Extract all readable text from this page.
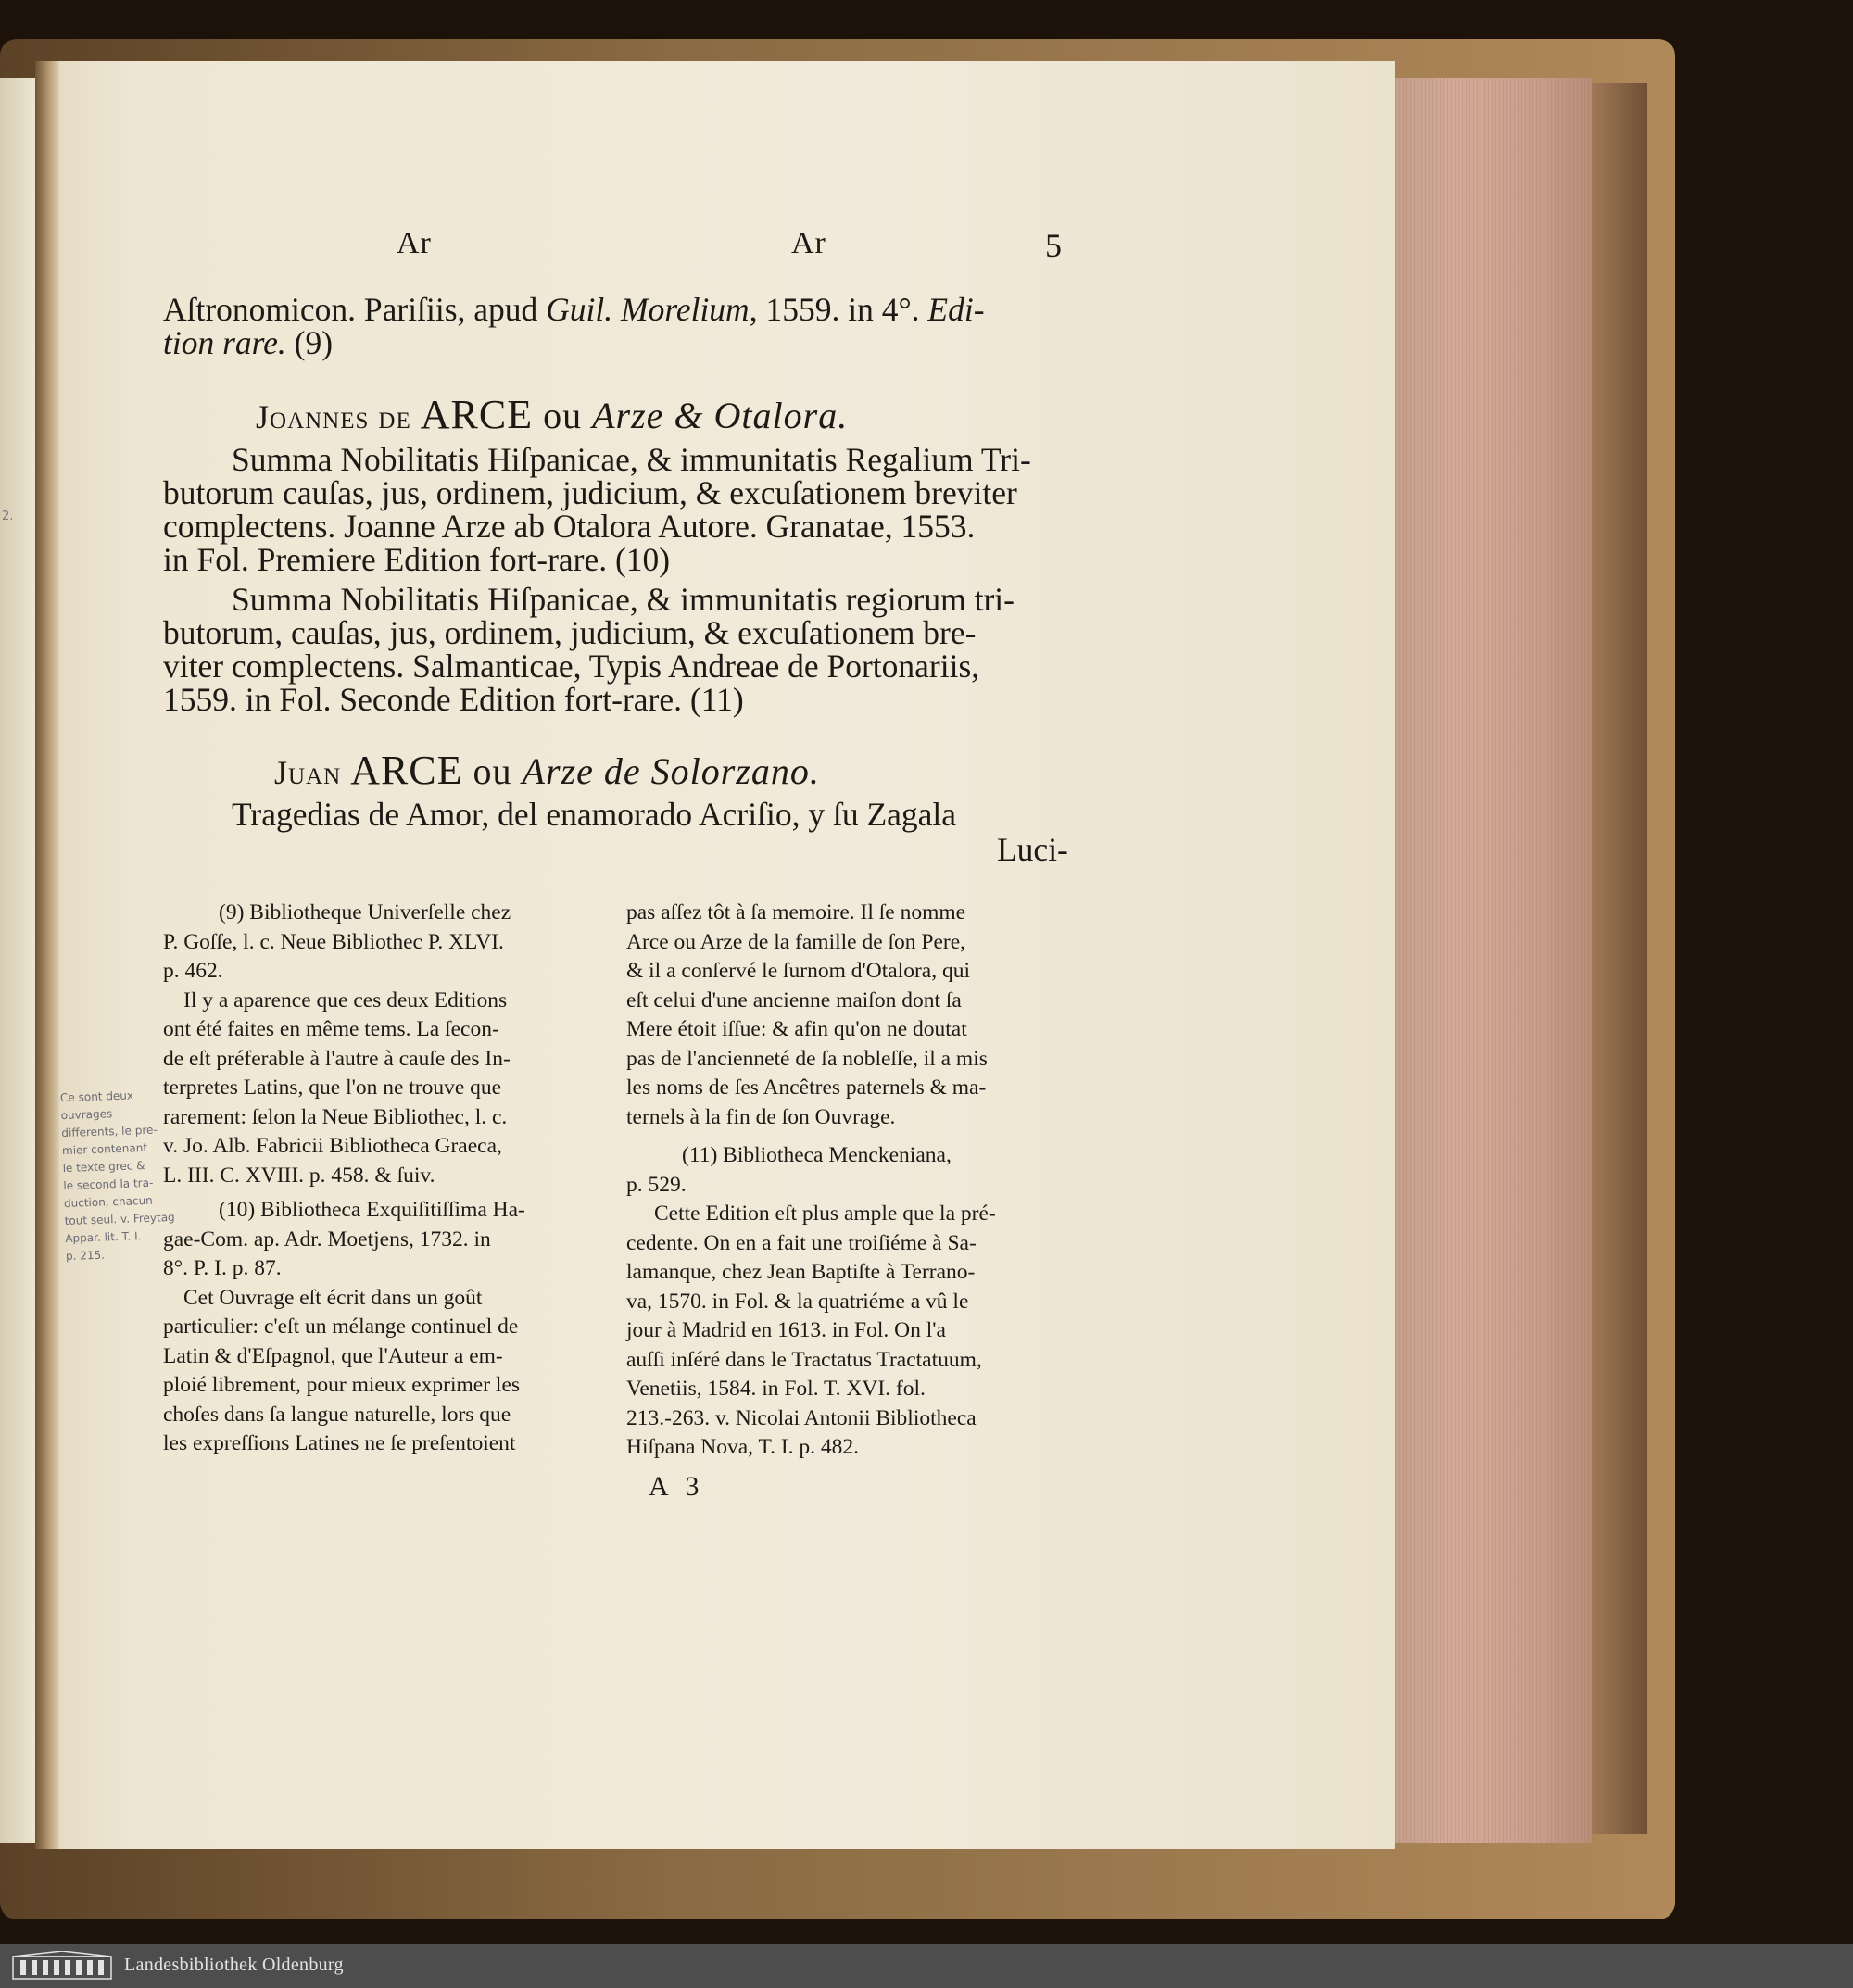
Ar	Ar	5
Aſtronomicon. Pariſiis, apud Guil. Morelium, 1559. in 4°. Edi-
tion rare. (9)
Joannes de ARCE ou Arze & Otalora.
Summa Nobilitatis Hiſpanicae, & immunitatis Regalium Tri-
butorum cauſas, jus, ordinem, judicium, & excuſationem breviter
complectens. Joanne Arze ab Otalora Autore. Granatae, 1553.
in Fol. Premiere Edition fort-rare. (10)
Summa Nobilitatis Hiſpanicae, & immunitatis regiorum tri-
butorum, cauſas, jus, ordinem, judicium, & excuſationem bre-
viter complectens. Salmanticae, Typis Andreae de Portonariis,
1559. in Fol. Seconde Edition fort-rare. (11)
Juan ARCE ou Arze de Solorzano.
Tragedias de Amor, del enamorado Acriſio, y ſu Zagala
Luci-
(9) Bibliotheque Univerſelle chez
P. Goſſe, l. c. Neue Bibliothec P. XLVI.
p. 462.
Il y a aparence que ces deux Editions
ont été faites en même tems. La ſecon-
de eſt préferable à l'autre à cauſe des In-
terpretes Latins, que l'on ne trouve que
rarement: ſelon la Neue Bibliothec, l. c.
v. Jo. Alb. Fabricii Bibliotheca Graeca,
L. III. C. XVIII. p. 458. & ſuiv.
(10) Bibliotheca Exquiſitiſſima Ha-
gae-Com. ap. Adr. Moetjens, 1732. in
8°. P. I. p. 87.
Cet Ouvrage eſt écrit dans un goût
particulier: c'eſt un mélange continuel de
Latin & d'Eſpagnol, que l'Auteur a em-
ploié librement, pour mieux exprimer les
choſes dans ſa langue naturelle, lors que
les expreſſions Latines ne ſe preſentoient
pas aſſez tôt à ſa memoire. Il ſe nomme
Arce ou Arze de la famille de ſon Pere,
& il a conſervé le ſurnom d'Otalora, qui
eſt celui d'une ancienne maiſon dont ſa
Mere étoit iſſue: & afin qu'on ne doutat
pas de l'ancienneté de ſa nobleſſe, il a mis
les noms de ſes Ancêtres paternels & ma-
ternels à la fin de ſon Ouvrage.
(11) Bibliotheca Menckeniana,
p. 529.
Cette Edition eſt plus ample que la pré-
cedente. On en a fait une troiſiéme à Sa-
lamanque, chez Jean Baptiſte à Terrano-
va, 1570. in Fol. & la quatriéme a vû le
jour à Madrid en 1613. in Fol. On l'a
auſſi inſéré dans le Tractatus Tractatuum,
Venetiis, 1584. in Fol. T. XVI. fol.
213.-263. v. Nicolai Antonii Bibliotheca
Hiſpana Nova, T. I. p. 482.
A 3
Ce sont deux ouvrages
differents, le pre-
mier contenant
le texte grec &
le second la tra-
duction, chacun
tout seul. v. Freytag
Appar. lit. T. I.
p. 215.
2.
Landesbibliothek Oldenburg
